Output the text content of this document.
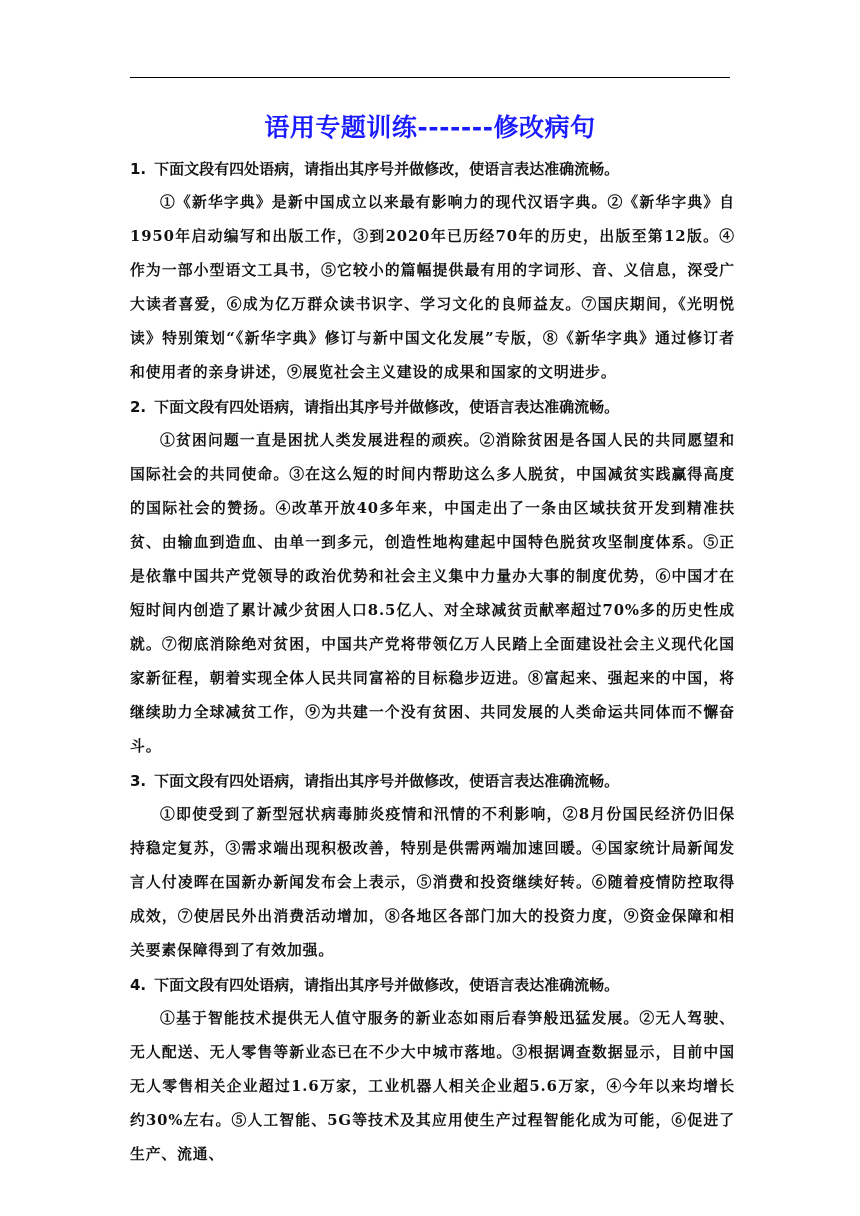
语用专题训练-------修改病句
1. 下面文段有四处语病，请指出其序号并做修改，使语言表达准确流畅。
①《新华字典》是新中国成立以来最有影响力的现代汉语字典。②《新华字典》自1950年启动编写和出版工作，③到2020年已历经70年的历史，出版至第12版。④作为一部小型语文工具书，⑤它较小的篇幅提供最有用的字词形、音、义信息，深受广大读者喜爱，⑥成为亿万群众读书识字、学习文化的良师益友。⑦国庆期间，《光明悦读》特别策划“《新华字典》修订与新中国文化发展”专版，⑧《新华字典》通过修订者和使用者的亲身讲述，⑨展览社会主义建设的成果和国家的文明进步。
2. 下面文段有四处语病，请指出其序号并做修改，使语言表达准确流畅。
①贫困问题一直是困扰人类发展进程的顽疾。②消除贫困是各国人民的共同愿望和国际社会的共同使命。③在这么短的时间内帮助这么多人脱贫，中国减贫实践赢得高度的国际社会的赞扬。④改革开放40多年来，中国走出了一条由区域扶贫开发到精准扶贫、由输血到造血、由单一到多元，创造性地构建起中国特色脱贫攻坚制度体系。⑤正是依靠中国共产党领导的政治优势和社会主义集中力量办大事的制度优势，⑥中国才在短时间内创造了累计减少贫困人口8.5亿人、对全球减贫贡献率超过70%多的历史性成就。⑦彻底消除绝对贫困，中国共产党将带领亿万人民踏上全面建设社会主义现代化国家新征程，朝着实现全体人民共同富裕的目标稳步迈进。⑧富起来、强起来的中国，将继续助力全球减贫工作，⑨为共建一个没有贫困、共同发展的人类命运共同体而不懈奋斗。
3. 下面文段有四处语病，请指出其序号并做修改，使语言表达准确流畅。
①即使受到了新型冠状病毒肺炎疫情和汛情的不利影响，②8月份国民经济仍旧保持稳定复苏，③需求端出现积极改善，特别是供需两端加速回暖。④国家统计局新闻发言人付凌晖在国新办新闻发布会上表示，⑤消费和投资继续好转。⑥随着疫情防控取得成效，⑦使居民外出消费活动增加，⑧各地区各部门加大的投资力度，⑨资金保障和相关要素保障得到了有效加强。
4. 下面文段有四处语病，请指出其序号并做修改，使语言表达准确流畅。
①基于智能技术提供无人值守服务的新业态如雨后春笋般迅猛发展。②无人驾驶、无人配送、无人零售等新业态已在不少大中城市落地。③根据调查数据显示，目前中国无人零售相关企业超过1.6万家，工业机器人相关企业超5.6万家，④今年以来均增长约30%左右。⑤人工智能、5G等技术及其应用使生产过程智能化成为可能，⑥促进了生产、流通、
